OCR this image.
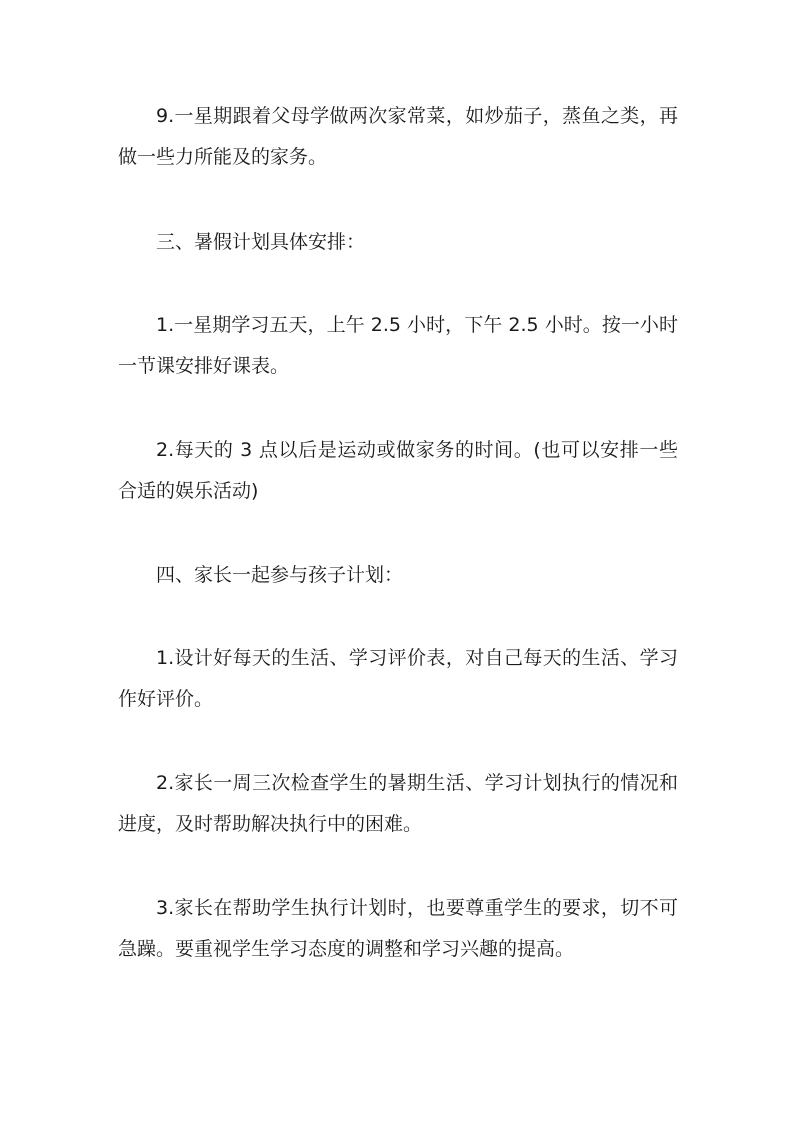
9.一星期跟着父母学做两次家常菜，如炒茄子，蒸鱼之类，再做一些力所能及的家务。

三、暑假计划具体安排：

1.一星期学习五天，上午 2.5 小时，下午 2.5 小时。按一小时一节课安排好课表。

2.每天的 3 点以后是运动或做家务的时间。(也可以安排一些合适的娱乐活动)

四、家长一起参与孩子计划：

1.设计好每天的生活、学习评价表，对自己每天的生活、学习作好评价。

2.家长一周三次检查学生的暑期生活、学习计划执行的情况和进度，及时帮助解决执行中的困难。

3.家长在帮助学生执行计划时，也要尊重学生的要求，切不可急躁。要重视学生学习态度的调整和学习兴趣的提高。
